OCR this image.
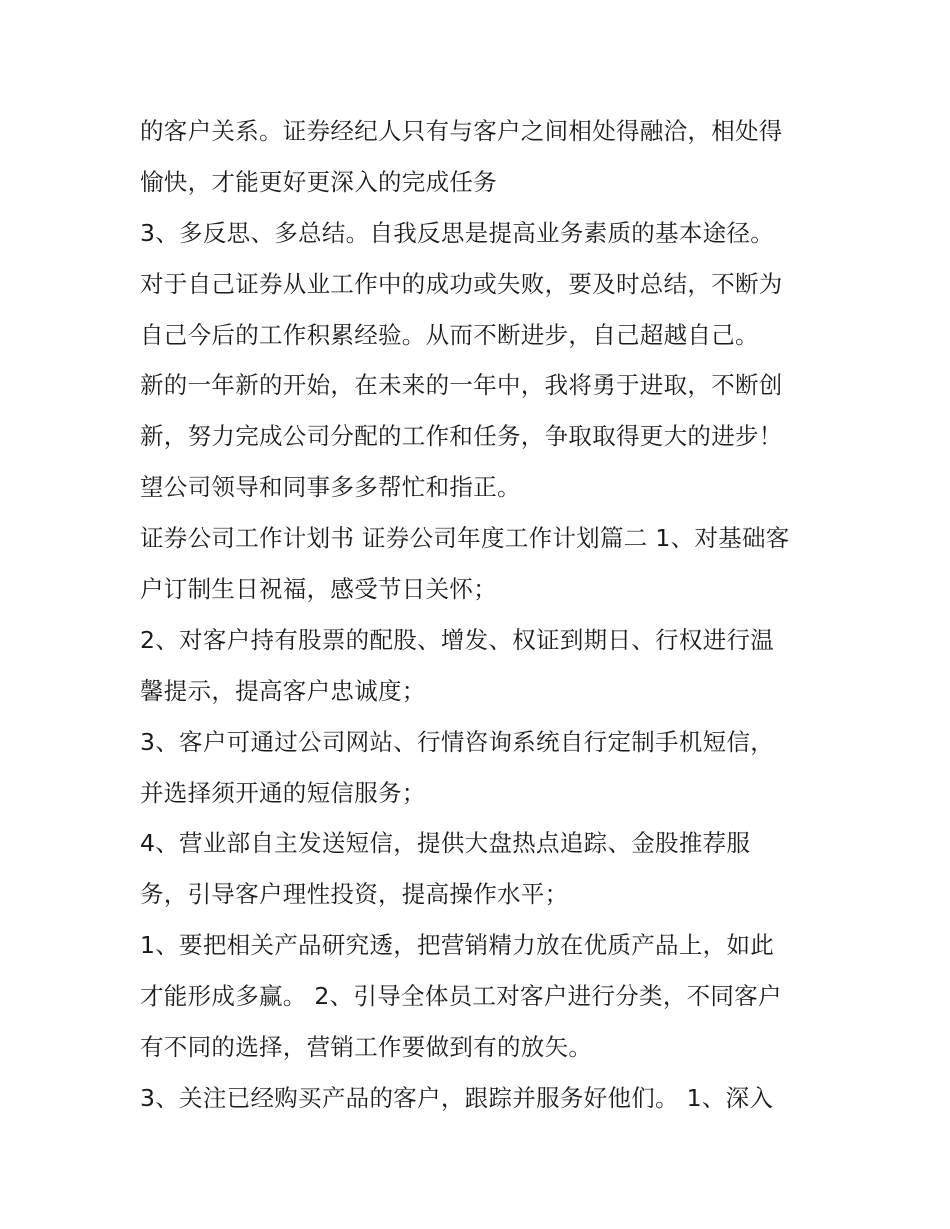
的客户关系。证券经纪人只有与客户之间相处得融洽，相处得
愉快，才能更好更深入的完成任务
3、多反思、多总结。自我反思是提高业务素质的基本途径。
对于自己证券从业工作中的成功或失败，要及时总结，不断为
自己今后的工作积累经验。从而不断进步，自己超越自己。
新的一年新的开始，在未来的一年中，我将勇于进取，不断创
新，努力完成公司分配的工作和任务，争取取得更大的进步！
望公司领导和同事多多帮忙和指正。
证券公司工作计划书 证券公司年度工作计划篇二 1、对基础客
户订制生日祝福，感受节日关怀；
2、对客户持有股票的配股、增发、权证到期日、行权进行温
馨提示，提高客户忠诚度；
3、客户可通过公司网站、行情咨询系统自行定制手机短信，
并选择须开通的短信服务；
4、营业部自主发送短信，提供大盘热点追踪、金股推荐服
务，引导客户理性投资，提高操作水平；
1、要把相关产品研究透，把营销精力放在优质产品上，如此
才能形成多赢。 2、引导全体员工对客户进行分类，不同客户
有不同的选择，营销工作要做到有的放矢。
3、关注已经购买产品的客户，跟踪并服务好他们。 1、深入
